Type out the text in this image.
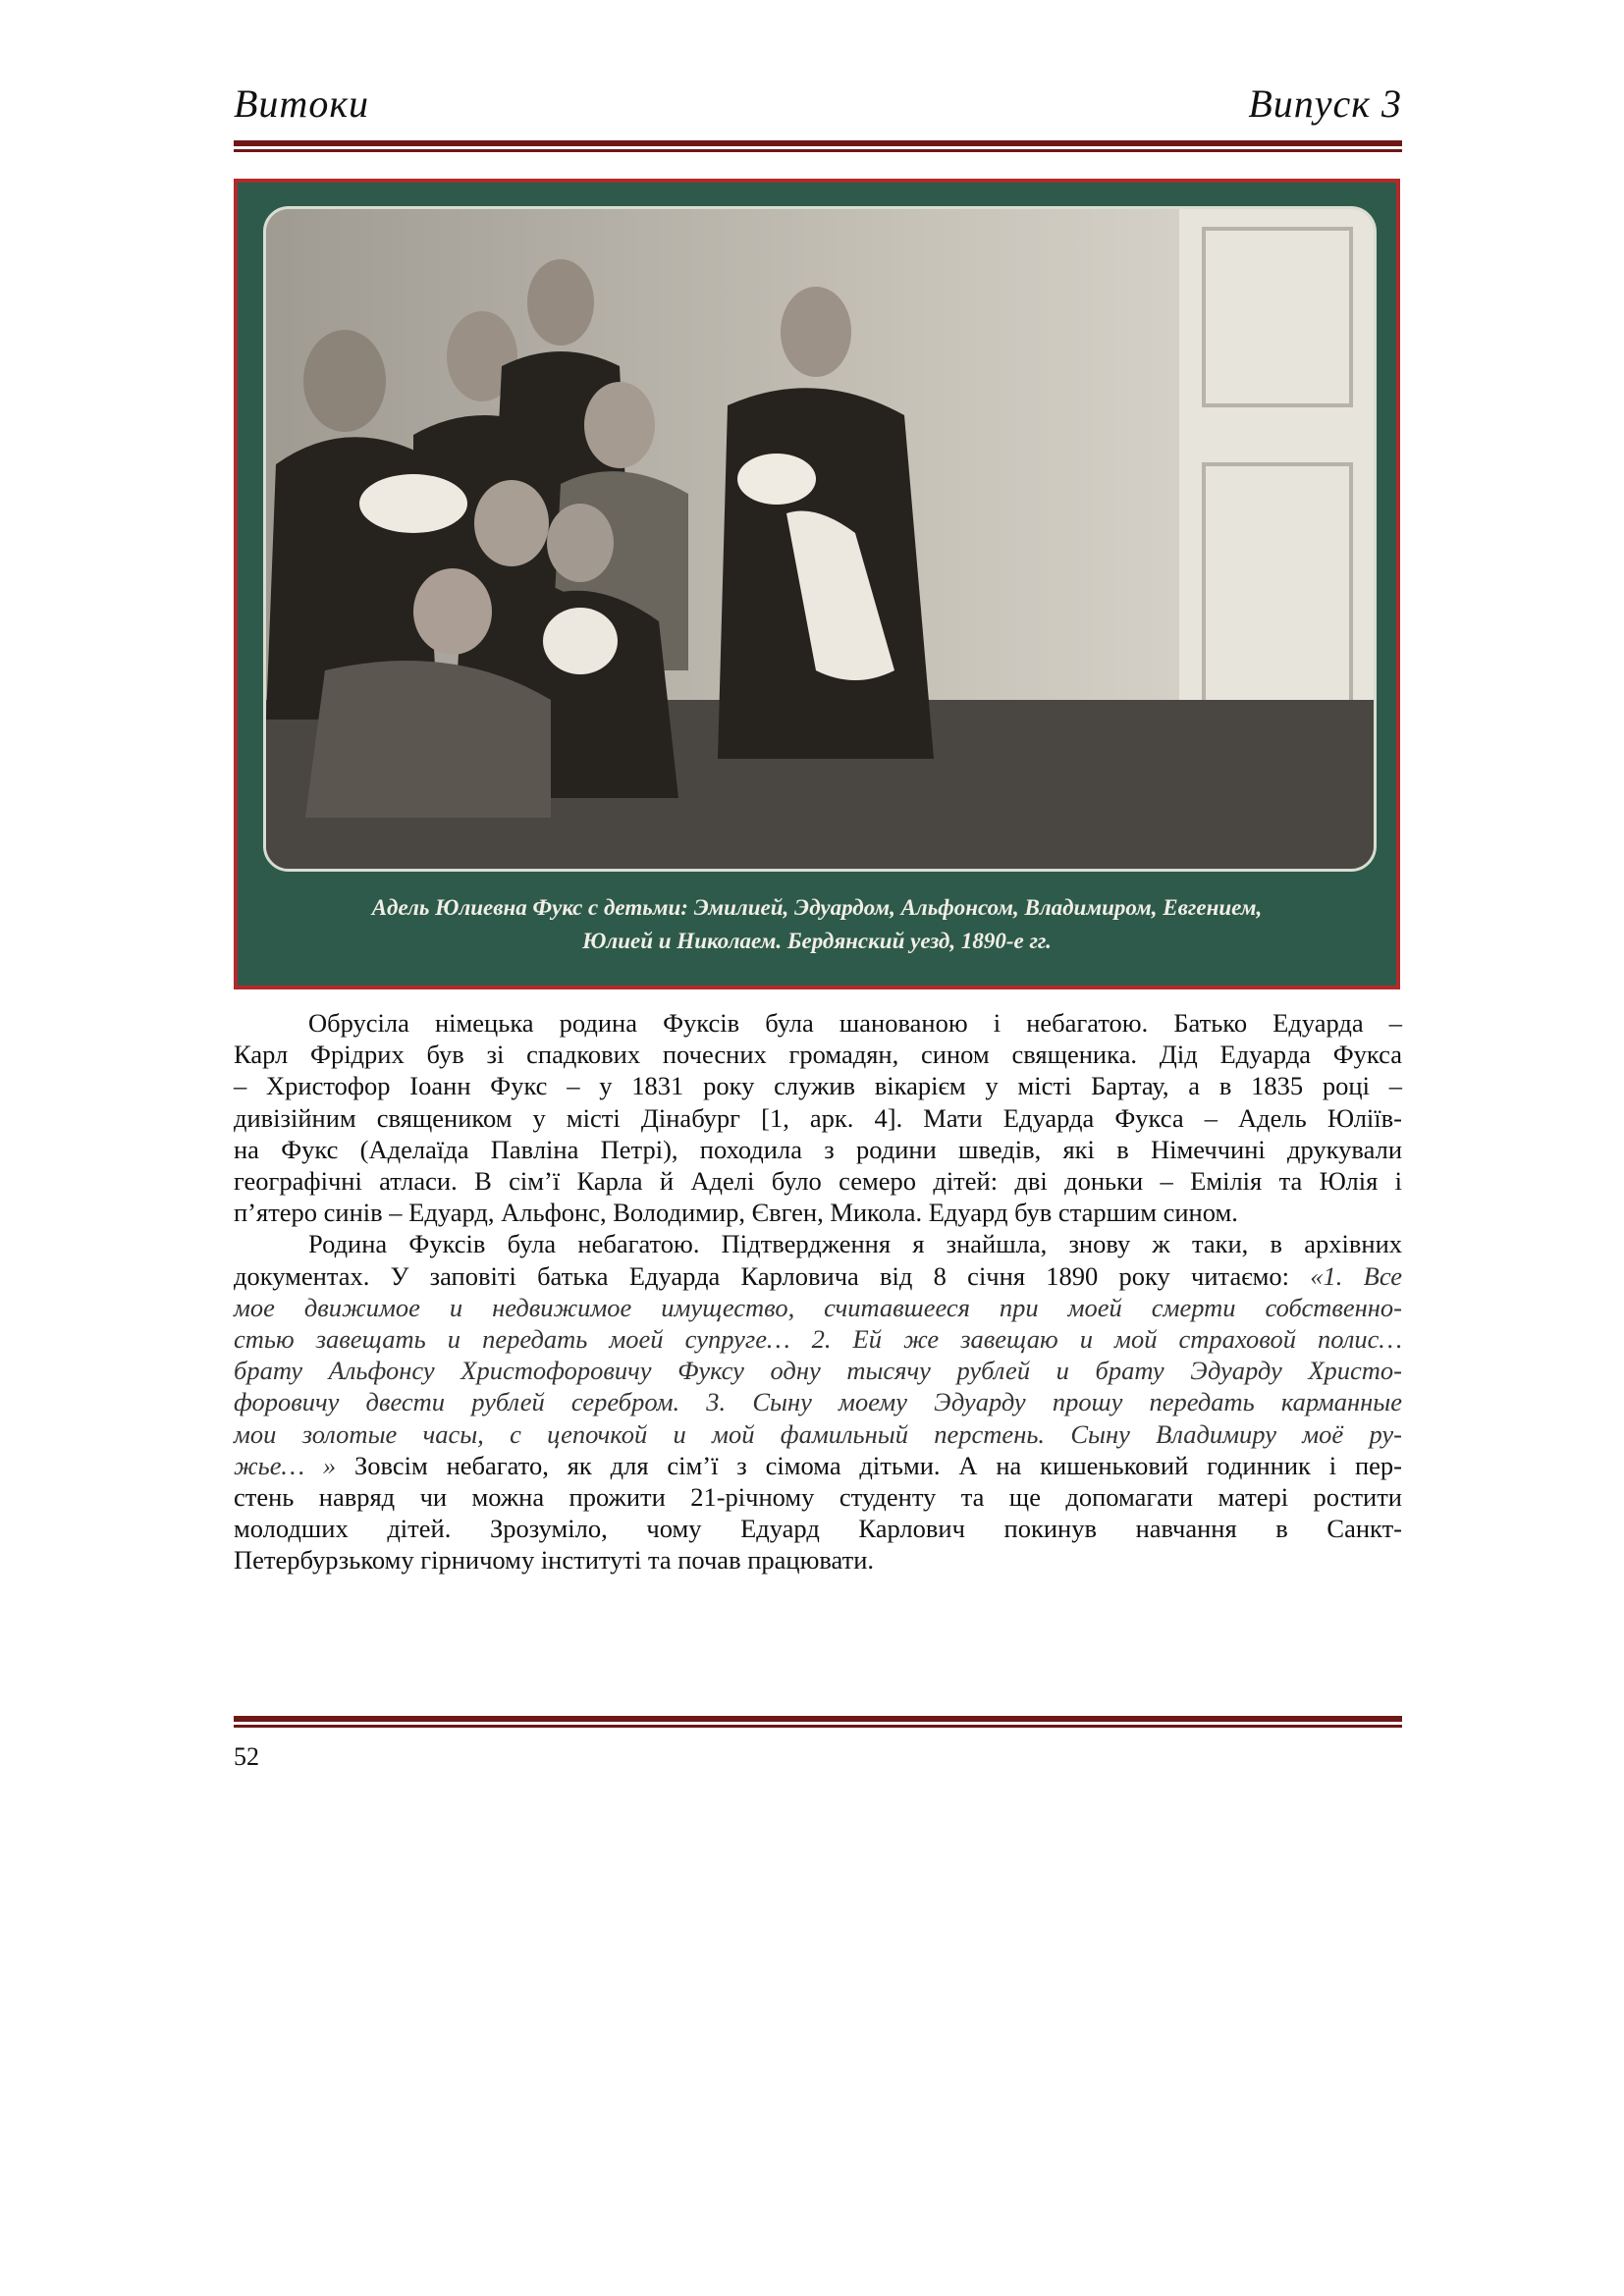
Витоки	Випуск 3
Адель Юлиевна Фукс с детьми: Эмилией, Эдуардом, Альфонсом, Владимиром, Евгением,
Юлией и Николаем. Бердянский уезд, 1890-е гг.
Обрусіла німецька родина Фуксів була шанованою і небагатою. Батько Едуарда –
Карл Фрідрих був зі спадкових почесних громадян, сином священика. Дід Едуарда Фукса
– Христофор Іоанн Фукс – у 1831 року служив вікарієм у місті Бартау, а в 1835 році –
дивізійним священиком у місті Дінабург [1, арк. 4]. Мати Едуарда Фукса – Адель Юліїв-
на Фукс (Аделаїда Павліна Петрі), походила з родини шведів, які в Німеччині друкували
географічні атласи. В сім’ї Карла й Аделі було семеро дітей: дві доньки – Емілія та Юлія і
п’ятеро синів – Едуард, Альфонс, Володимир, Євген, Микола. Едуард був старшим сином.
Родина Фуксів була небагатою. Підтвердження я знайшла, знову ж таки, в архівних
документах. У заповіті батька Едуарда Карловича від 8 січня 1890 року читаємо: «1. Все
мое движимое и недвижимое имущество, считавшееся при моей смерти собственно-
стью завещать и передать моей супруге… 2. Ей же завещаю и мой страховой полис…
брату Альфонсу Христофоровичу Фуксу одну тысячу рублей и брату Эдуарду Христо-
форовичу двести рублей серебром. 3. Сыну моему Эдуарду прошу передать карманные
мои золотые часы, с цепочкой и мой фамильный перстень. Сыну Владимиру моё ру-
жье… » Зовсім небагато, як для сім’ї з сімома дітьми. А на кишеньковий годинник і пер-
стень навряд чи можна прожити 21-річному студенту та ще допомагати матері ростити
молодших дітей. Зрозуміло, чому Едуард Карлович покинув навчання в Санкт-
Петербурзькому гірничому інституті та почав працювати.
52
